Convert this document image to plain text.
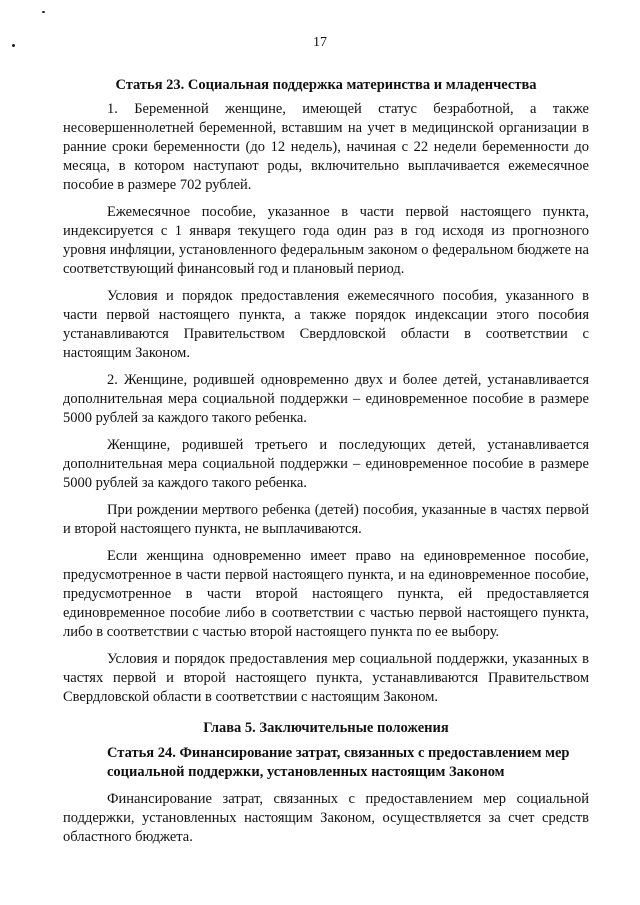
17
Статья 23. Социальная поддержка материнства и младенчества

1. Беременной женщине, имеющей статус безработной, а также несовершеннолетней беременной, вставшим на учет в медицинской организации в ранние сроки беременности (до 12 недель), начиная с 22 недели беременности до месяца, в котором наступают роды, включительно выплачивается ежемесячное пособие в размере 702 рублей.

Ежемесячное пособие, указанное в части первой настоящего пункта, индексируется с 1 января текущего года один раз в год исходя из прогнозного уровня инфляции, установленного федеральным законом о федеральном бюджете на соответствующий финансовый год и плановый период.

Условия и порядок предоставления ежемесячного пособия, указанного в части первой настоящего пункта, а также порядок индексации этого пособия устанавливаются Правительством Свердловской области в соответствии с настоящим Законом.

2. Женщине, родившей одновременно двух и более детей, устанавливается дополнительная мера социальной поддержки – единовременное пособие в размере 5000 рублей за каждого такого ребенка.

Женщине, родившей третьего и последующих детей, устанавливается дополнительная мера социальной поддержки – единовременное пособие в размере 5000 рублей за каждого такого ребенка.

При рождении мертвого ребенка (детей) пособия, указанные в частях первой и второй настоящего пункта, не выплачиваются.

Если женщина одновременно имеет право на единовременное пособие, предусмотренное в части первой настоящего пункта, и на единовременное пособие, предусмотренное в части второй настоящего пункта, ей предоставляется единовременное пособие либо в соответствии с частью первой настоящего пункта, либо в соответствии с частью второй настоящего пункта по ее выбору.

Условия и порядок предоставления мер социальной поддержки, указанных в частях первой и второй настоящего пункта, устанавливаются Правительством Свердловской области в соответствии с настоящим Законом.

Глава 5. Заключительные положения
Статья 24. Финансирование затрат, связанных с предоставлением мер социальной поддержки, установленных настоящим Законом

Финансирование затрат, связанных с предоставлением мер социальной поддержки, установленных настоящим Законом, осуществляется за счет средств областного бюджета.
